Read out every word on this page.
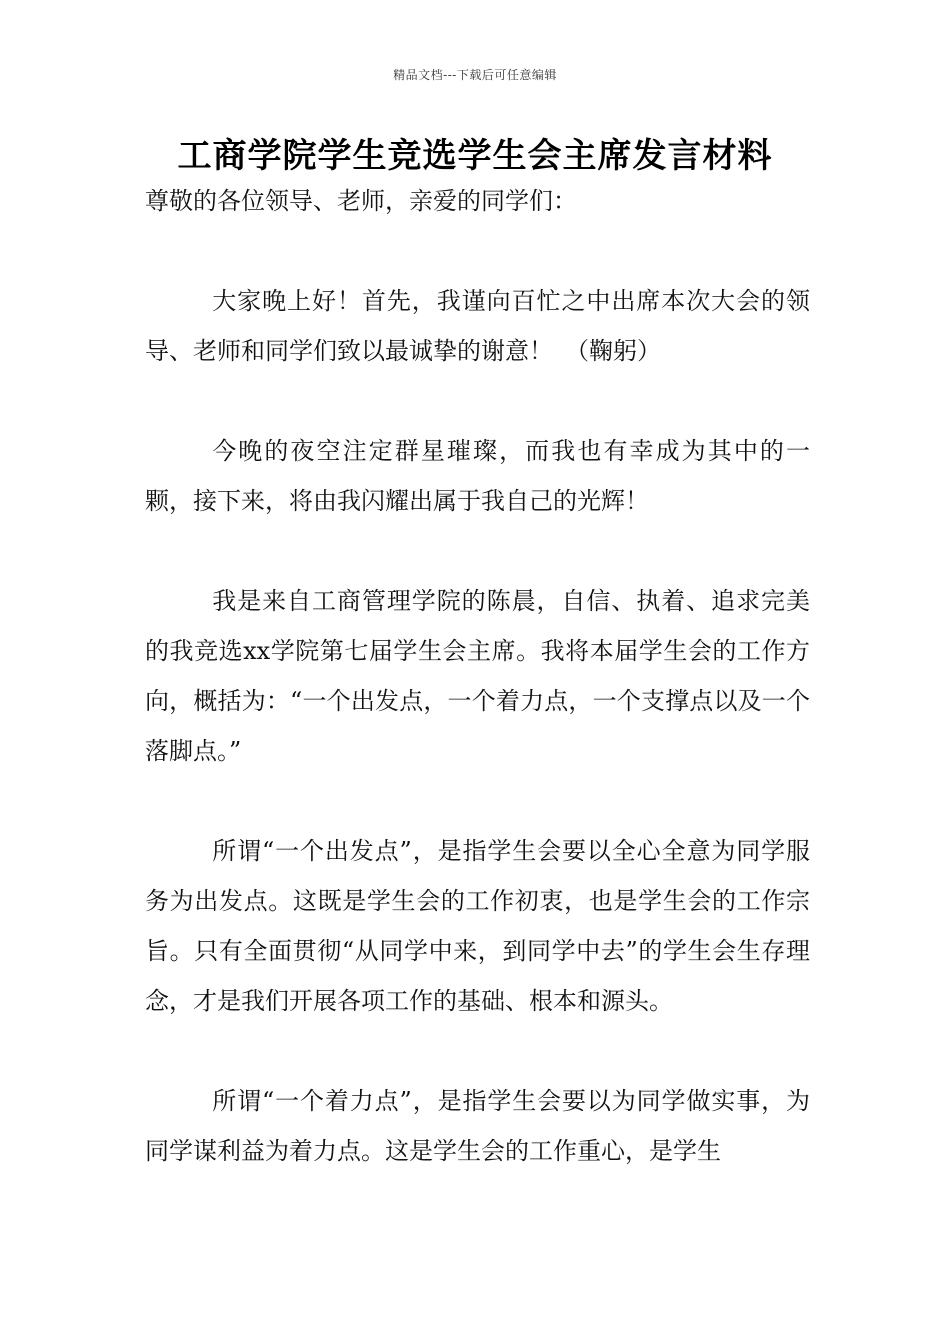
精品文档---下载后可任意编辑
工商学院学生竞选学生会主席发言材料

尊敬的各位领导、老师，亲爱的同学们：

大家晚上好！首先，我谨向百忙之中出席本次大会的领导、老师和同学们致以最诚挚的谢意！　（鞠躬）

今晚的夜空注定群星璀璨，而我也有幸成为其中的一颗，接下来，将由我闪耀出属于我自己的光辉！

我是来自工商管理学院的陈晨，自信、执着、追求完美的我竞选xx学院第七届学生会主席。我将本届学生会的工作方向，概括为：“一个出发点，一个着力点，一个支撑点以及一个落脚点。”

所谓“一个出发点”，是指学生会要以全心全意为同学服务为出发点。这既是学生会的工作初衷，也是学生会的工作宗旨。只有全面贯彻“从同学中来，到同学中去”的学生会生存理念，才是我们开展各项工作的基础、根本和源头。

所谓“一个着力点”，是指学生会要以为同学做实事，为同学谋利益为着力点。这是学生会的工作重心，是学生
